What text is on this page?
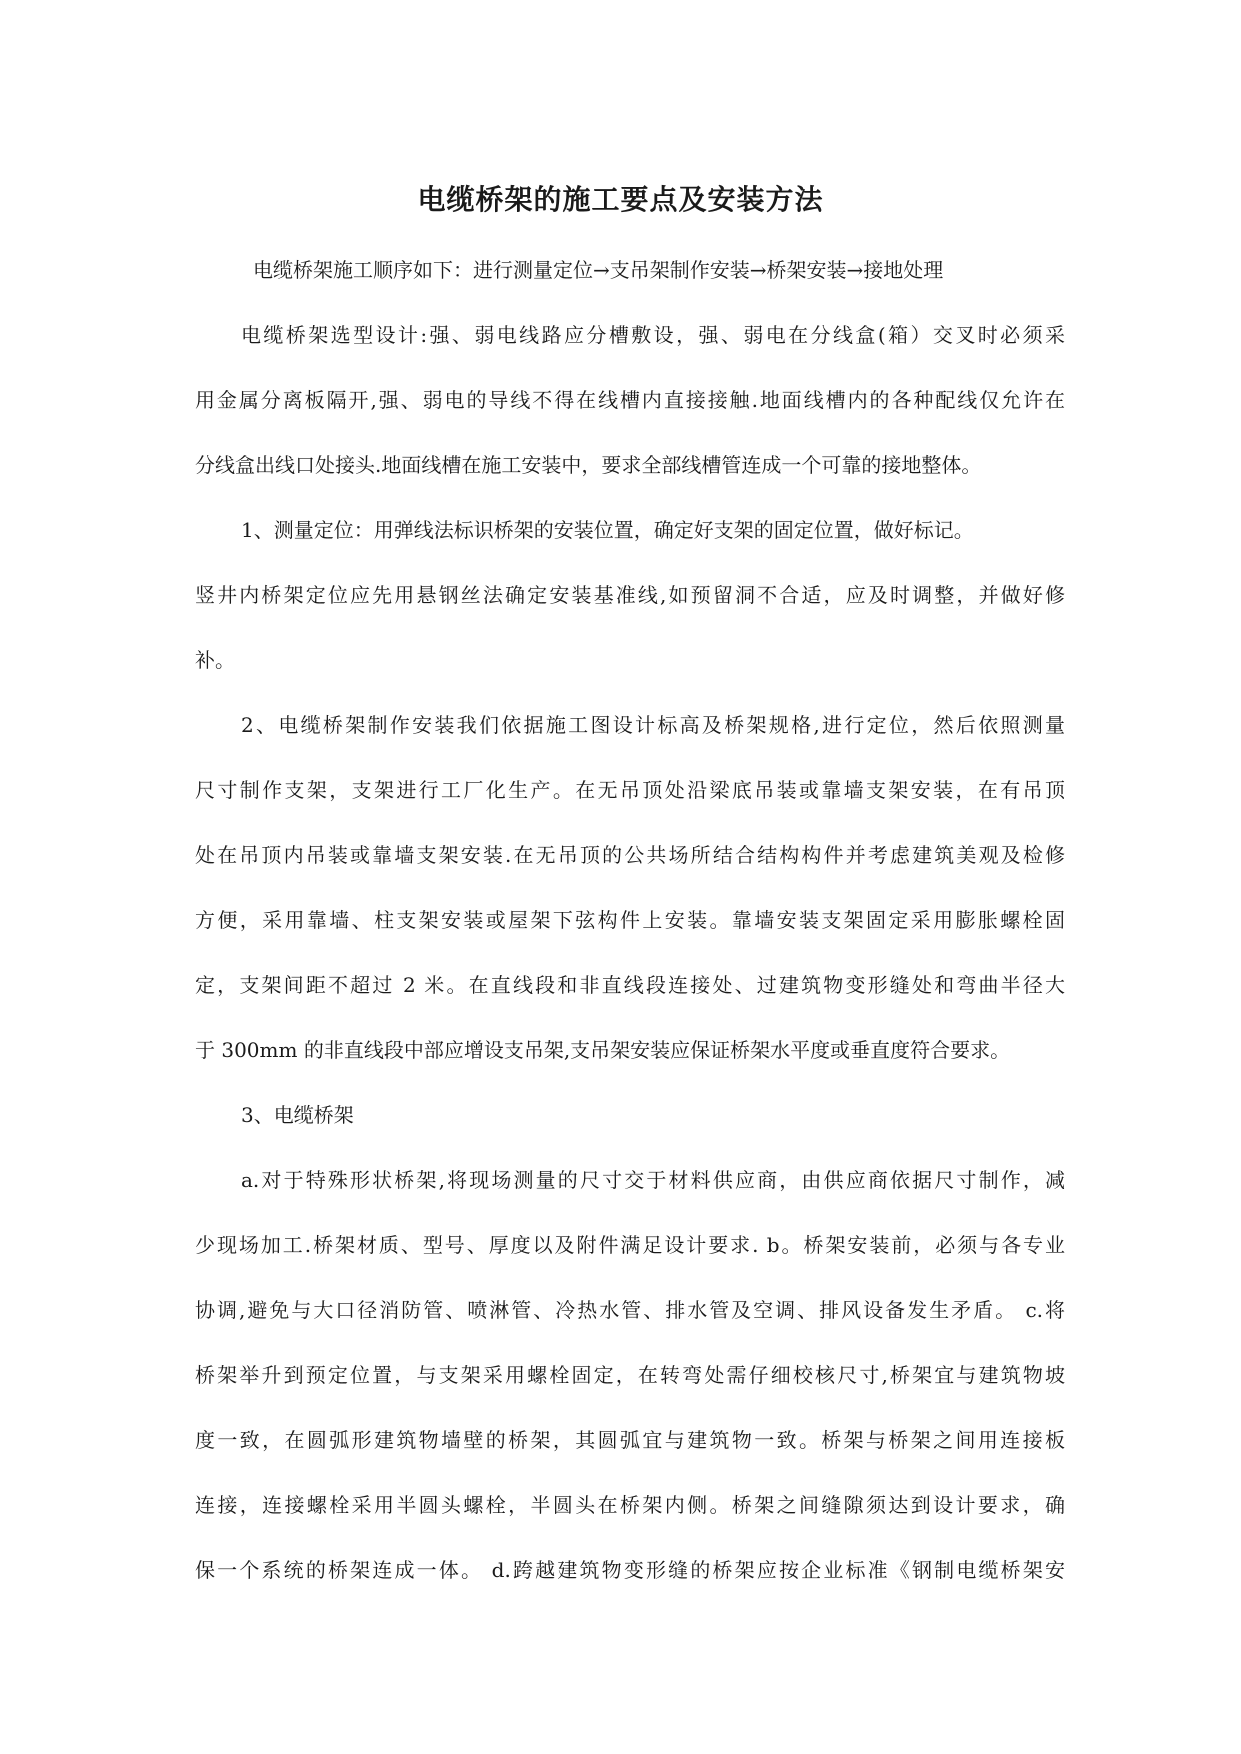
电缆桥架的施工要点及安装方法
电缆桥架施工顺序如下：进行测量定位→支吊架制作安装→桥架安装→接地处理
电缆桥架选型设计:强、弱电线路应分槽敷设，强、弱电在分线盒(箱）交叉时必须采
用金属分离板隔开,强、弱电的导线不得在线槽内直接接触.地面线槽内的各种配线仅允许在
分线盒出线口处接头.地面线槽在施工安装中，要求全部线槽管连成一个可靠的接地整体。
1、测量定位：用弹线法标识桥架的安装位置，确定好支架的固定位置，做好标记。
竖井内桥架定位应先用悬钢丝法确定安装基准线,如预留洞不合适，应及时调整，并做好修
补。
2、电缆桥架制作安装我们依据施工图设计标高及桥架规格,进行定位，然后依照测量
尺寸制作支架，支架进行工厂化生产。在无吊顶处沿梁底吊装或靠墙支架安装，在有吊顶
处在吊顶内吊装或靠墙支架安装.在无吊顶的公共场所结合结构构件并考虑建筑美观及检修
方便，采用靠墙、柱支架安装或屋架下弦构件上安装。靠墙安装支架固定采用膨胀螺栓固
定，支架间距不超过 2 米。在直线段和非直线段连接处、过建筑物变形缝处和弯曲半径大
于 300mm 的非直线段中部应增设支吊架,支吊架安装应保证桥架水平度或垂直度符合要求。
3、电缆桥架
a.对于特殊形状桥架,将现场测量的尺寸交于材料供应商，由供应商依据尺寸制作，减
少现场加工.桥架材质、型号、厚度以及附件满足设计要求. b。桥架安装前，必须与各专业
协调,避免与大口径消防管、喷淋管、冷热水管、排水管及空调、排风设备发生矛盾。 c.将
桥架举升到预定位置，与支架采用螺栓固定，在转弯处需仔细校核尺寸,桥架宜与建筑物坡
度一致，在圆弧形建筑物墙壁的桥架，其圆弧宜与建筑物一致。桥架与桥架之间用连接板
连接，连接螺栓采用半圆头螺栓，半圆头在桥架内侧。桥架之间缝隙须达到设计要求，确
保一个系统的桥架连成一体。 d.跨越建筑物变形缝的桥架应按企业标准《钢制电缆桥架安
